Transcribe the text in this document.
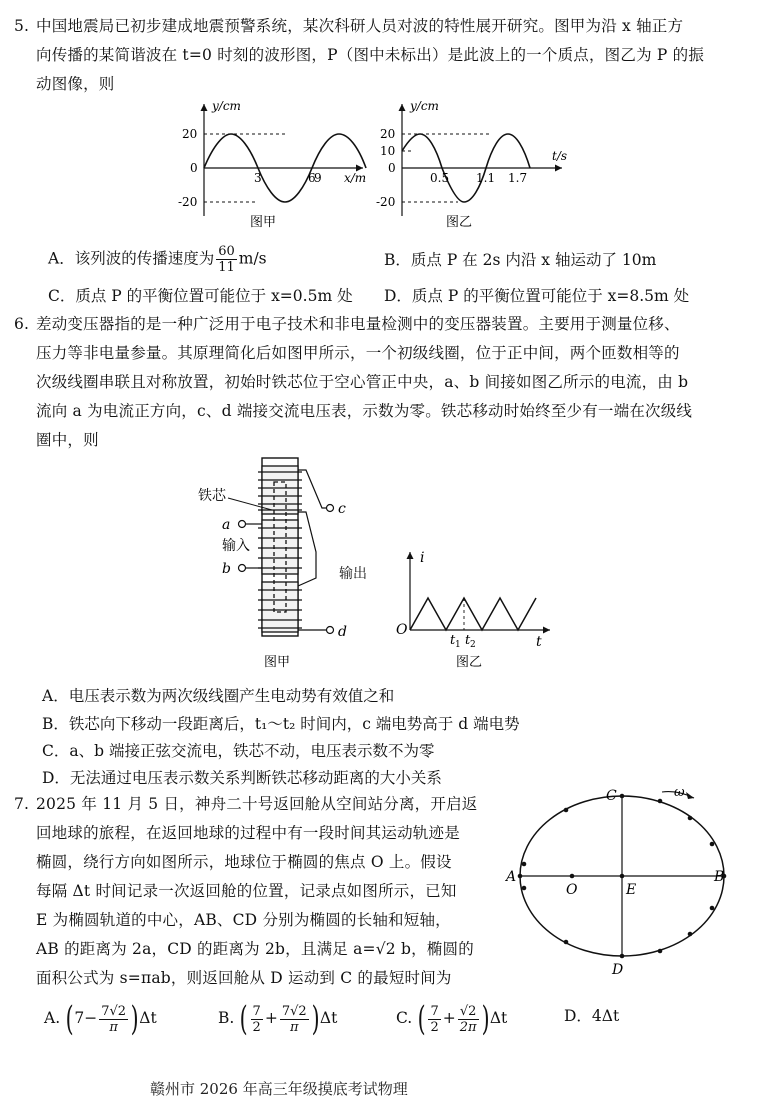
5. 中国地震局已初步建成地震预警系统，某次科研人员对波的特性展开研究。图甲为沿 x 轴正方
向传播的某简谐波在 t=0 时刻的波形图，P（图中未标出）是此波上的一个质点，图乙为 P 的振
动图像，则
y/cm
x/m
20
0
-20
3	6
9
图甲
y/cm
t/s
20
10
0
-20
0.5 1.1 1.7
图乙
A．该列波的传播速度为 $\frac{60}{11} m/s$	B．质点 P 在 2s 内沿 x 轴运动了 10m
C．质点 P 的平衡位置可能位于 x=0.5m 处 D．质点 P 的平衡位置可能位于 x=8.5m 处
6. 差动变压器指的是一种广泛用于电子技术和非电量检测中的变压器装置。主要用于测量位移、
压力等非电量参量。其原理简化后如图甲所示，一个初级线圈，位于正中间，两个匝数相等的
次级线圈串联且对称放置，初始时铁芯位于空心管正中央，a、b 间接如图乙所示的电流，由 b
流向 a 为电流正方向，c、d 端接交流电压表，示数为零。铁芯移动时始终至少有一端在次级线
圈中，则
铁芯
a
输入
b
c
d
图甲
输出
i
O
t 1 t 2	t
图乙
A．电压表示数为两次级线圈产生电动势有效值之和
B．铁芯向下移动一段距离后，t₁～t₂ 时间内，c 端电势高于 d 端电势
C．a、b 端接正弦交流电，铁芯不动，电压表示数不为零
D．无法通过电压表示数关系判断铁芯移动距离的大小关系
7. 2025 年 11 月 5 日，神舟二十号返回舱从空间站分离，开启返
回地球的旅程，在返回地球的过程中有一段时间其运动轨迹是
椭圆，绕行方向如图所示，地球位于椭圆的焦点 O 上。假设
每隔 Δt 时间记录一次返回舱的位置，记录点如图所示，已知
E 为椭圆轨道的中心，AB、CD 分别为椭圆的长轴和短轴，
AB 的距离为 2a，CD 的距离为 2b，且满足 a=√2 b，椭圆的
面积公式为 s=πab，则返回舱从 D 运动到 C 的最短时间为
ω
A	B
C
D
O	E
A. $(7- \frac{7√2}{\pi} )\Delta t$	B. ( $\frac{7}{2} + \frac{7√2}{\pi} )\Delta t$	C. ( $\frac{7}{2} + \frac{√2}{2\pi} )\Delta t$	D．4Δt
赣州市 2026 年高三年级摸底考试物理
